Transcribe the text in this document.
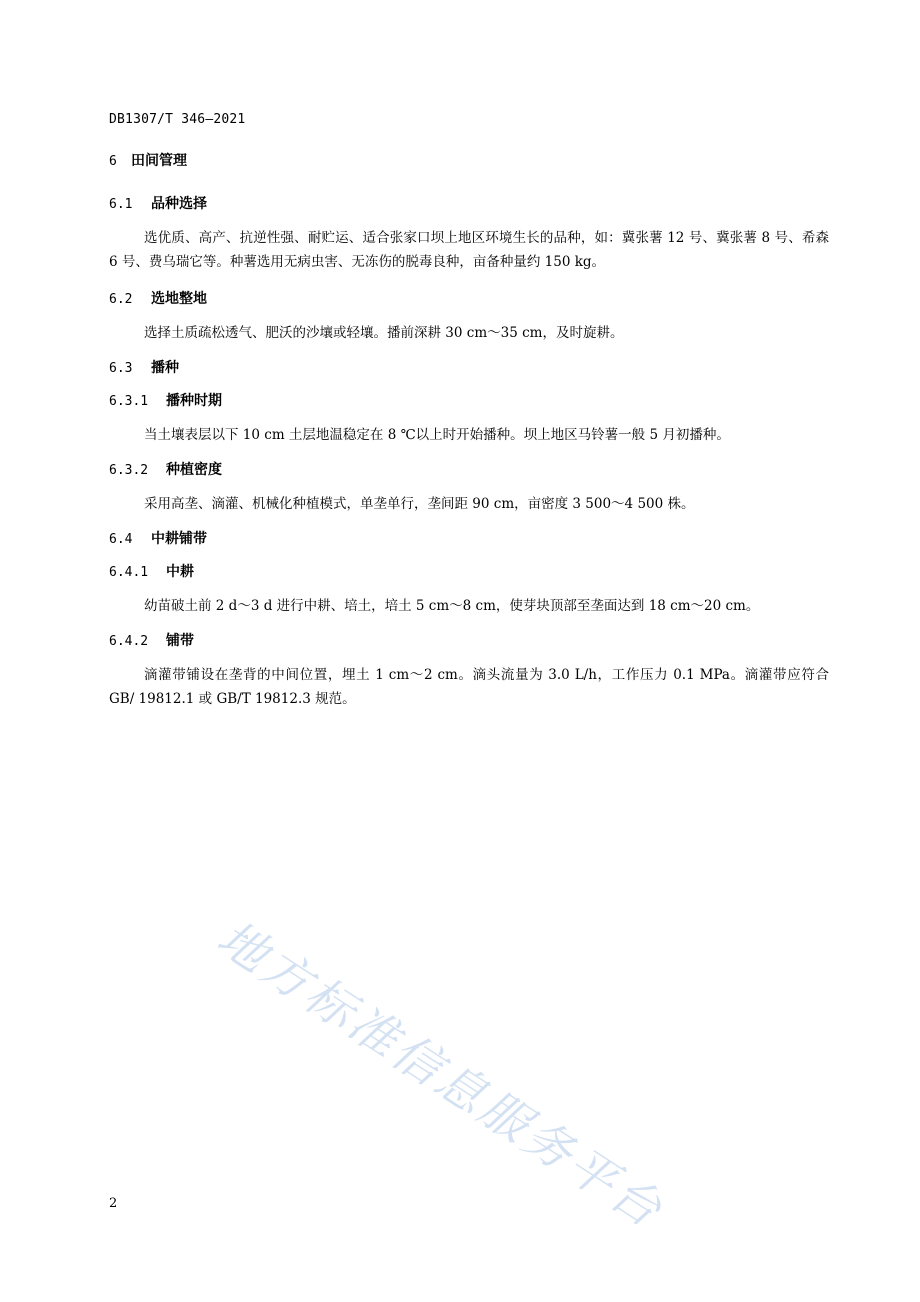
DB1307/T 346—2021
6 田间管理
6.1 品种选择
选优质、高产、抗逆性强、耐贮运、适合张家口坝上地区环境生长的品种，如：冀张薯 12 号、冀张薯 8 号、希森 6 号、费乌瑞它等。种薯选用无病虫害、无冻伤的脱毒良种，亩备种量约 150 kg。
6.2 选地整地
选择土质疏松透气、肥沃的沙壤或轻壤。播前深耕 30 cm～35 cm，及时旋耕。
6.3 播种
6.3.1 播种时期
当土壤表层以下 10 cm 土层地温稳定在 8 ℃以上时开始播种。坝上地区马铃薯一般 5 月初播种。
6.3.2 种植密度
采用高垄、滴灌、机械化种植模式，单垄单行，垄间距 90 cm，亩密度 3 500～4 500 株。
6.4 中耕铺带
6.4.1 中耕
幼苗破土前 2 d～3 d 进行中耕、培土，培土 5 cm～8 cm，使芽块顶部至垄面达到 18 cm～20 cm。
6.4.2 铺带
滴灌带铺设在垄背的中间位置，埋土 1 cm～2 cm。滴头流量为 3.0 L/h，工作压力 0.1 MPa。滴灌带应符合 GB/ 19812.1 或 GB/T 19812.3 规范。
地方标准信息服务平台
2
